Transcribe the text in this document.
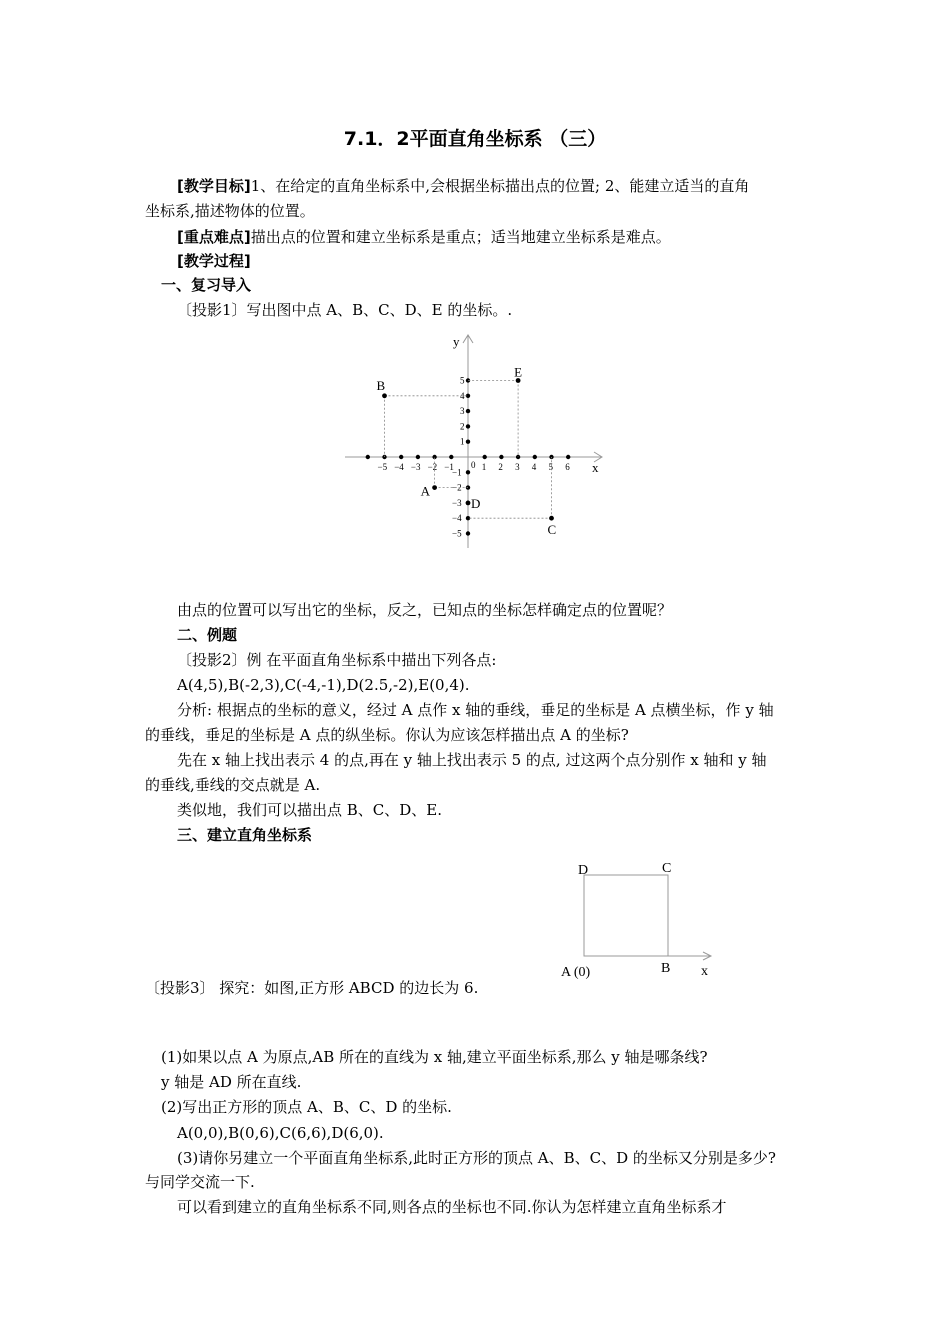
7.1．2平面直角坐标系 （三）
[教学目标]1、在给定的直角坐标系中,会根据坐标描出点的位置; 2、能建立适当的直角
坐标系,描述物体的位置。
[重点难点]描出点的位置和建立坐标系是重点；适当地建立坐标系是难点。
[教学过程]
一、复习导入
〔投影1〕写出图中点 A、B、C、D、E 的坐标。.
x
y
0
−5 −4 −3 −2 −1	1 2 3 4 5 6
5
4
3
2
1
−1
−2
−3
−4
−5
A
B
C
D
E
由点的位置可以写出它的坐标，反之，已知点的坐标怎样确定点的位置呢？
二、例题
〔投影2〕例 在平面直角坐标系中描出下列各点:
A(4,5),B(-2,3),C(-4,-1),D(2.5,-2),E(0,4).
分析: 根据点的坐标的意义，经过 A 点作 x 轴的垂线，垂足的坐标是 A 点横坐标，作 y 轴
的垂线，垂足的坐标是 A 点的纵坐标。你认为应该怎样描出点 A 的坐标?
先在 x 轴上找出表示 4 的点,再在 y 轴上找出表示 5 的点, 过这两个点分别作 x 轴和 y 轴
的垂线,垂线的交点就是 A.
类似地，我们可以描出点 B、C、D、E.
三、建立直角坐标系
D	C
A (0)	B x
〔投影3〕 探究：如图,正方形 ABCD 的边长为 6.
(1)如果以点 A 为原点,AB 所在的直线为 x 轴,建立平面坐标系,那么 y 轴是哪条线?
y 轴是 AD 所在直线.
(2)写出正方形的顶点 A、B、C、D 的坐标.
A(0,0),B(0,6),C(6,6),D(6,0).
(3)请你另建立一个平面直角坐标系,此时正方形的顶点 A、B、C、D 的坐标又分别是多少?
与同学交流一下.
可以看到建立的直角坐标系不同,则各点的坐标也不同.你认为怎样建立直角坐标系才
